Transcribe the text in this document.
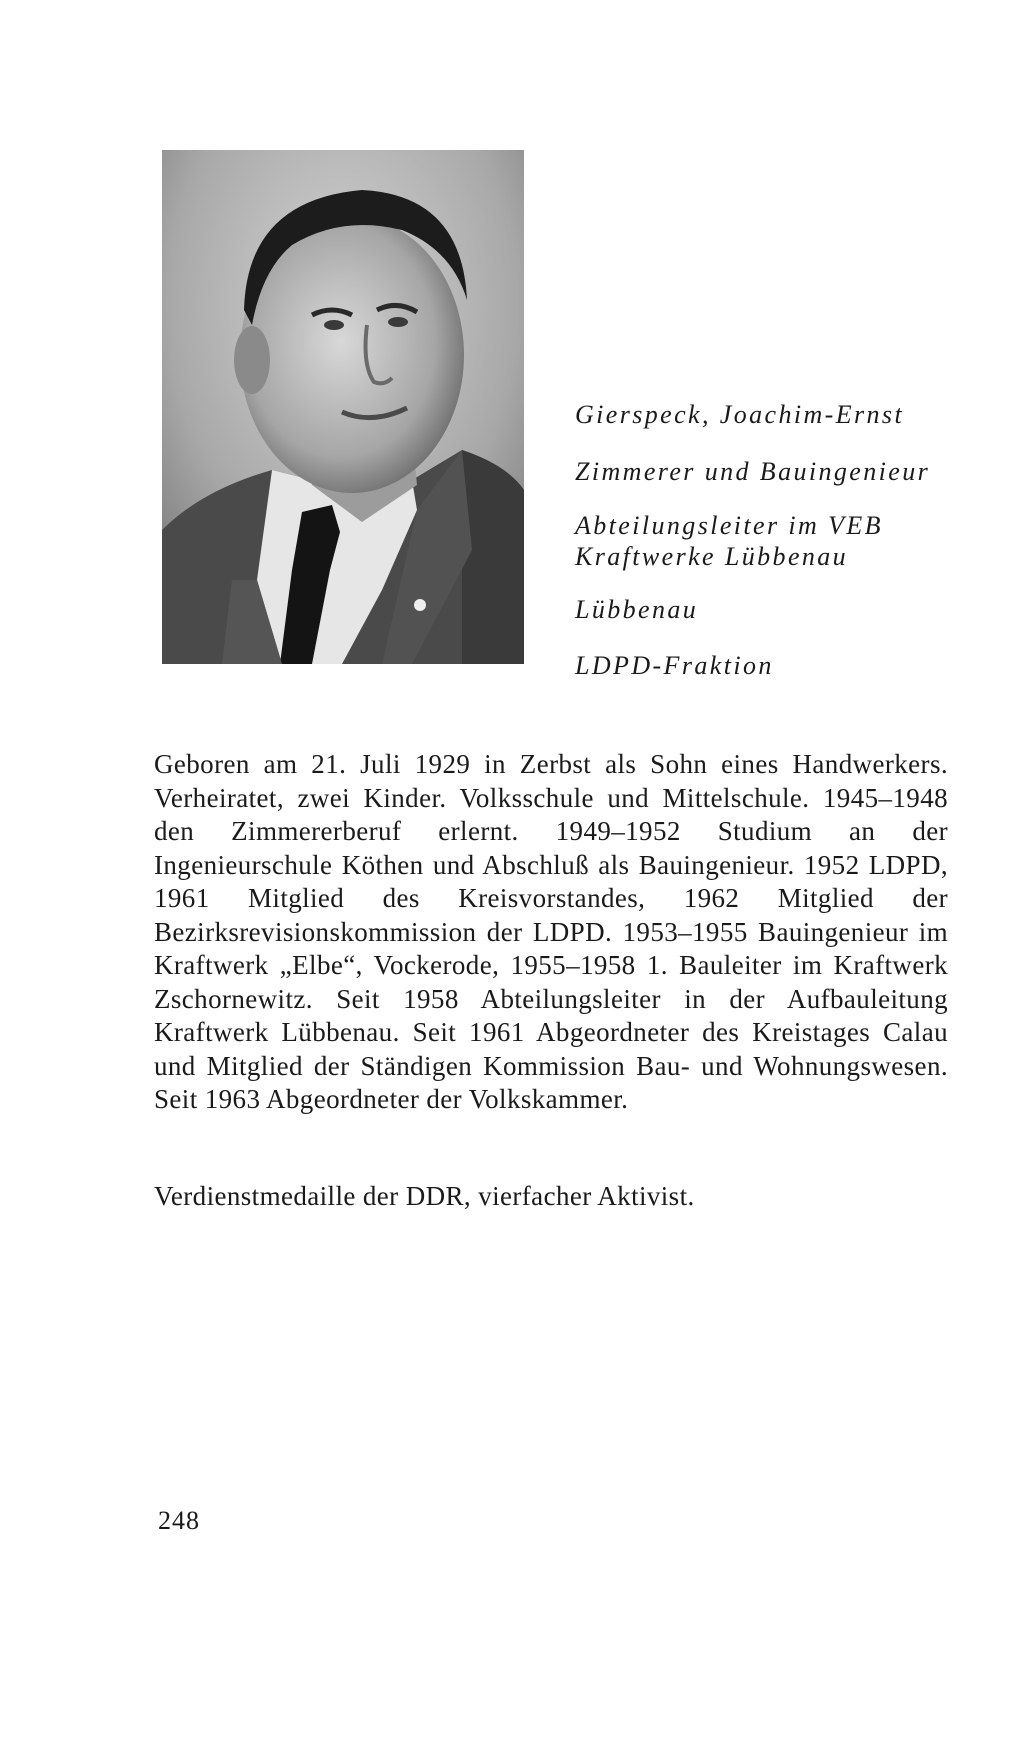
Gierspeck, Joachim-Ernst
Zimmerer und Bauingenieur
Abteilungsleiter im VEB
Kraftwerke Lübbenau
Lübbenau
LDPD-Fraktion

Geboren am 21. Juli 1929 in Zerbst als Sohn eines Handwerkers. Verheiratet, zwei Kinder. Volksschule und Mittelschule. 1945–1948 den Zimmererberuf erlernt. 1949–1952 Studium an der Ingenieurschule Köthen und Abschluß als Bauingenieur. 1952 LDPD, 1961 Mitglied des Kreisvorstandes, 1962 Mitglied der Bezirksrevisionskommission der LDPD. 1953–1955 Bauingenieur im Kraftwerk „Elbe“, Vockerode, 1955–1958 1. Bauleiter im Kraftwerk Zschornewitz. Seit 1958 Abteilungsleiter in der Aufbauleitung Kraftwerk Lübbenau. Seit 1961 Abgeordneter des Kreistages Calau und Mitglied der Ständigen Kommission Bau- und Wohnungswesen. Seit 1963 Abgeordneter der Volkskammer.

Verdienstmedaille der DDR, vierfacher Aktivist.
248
